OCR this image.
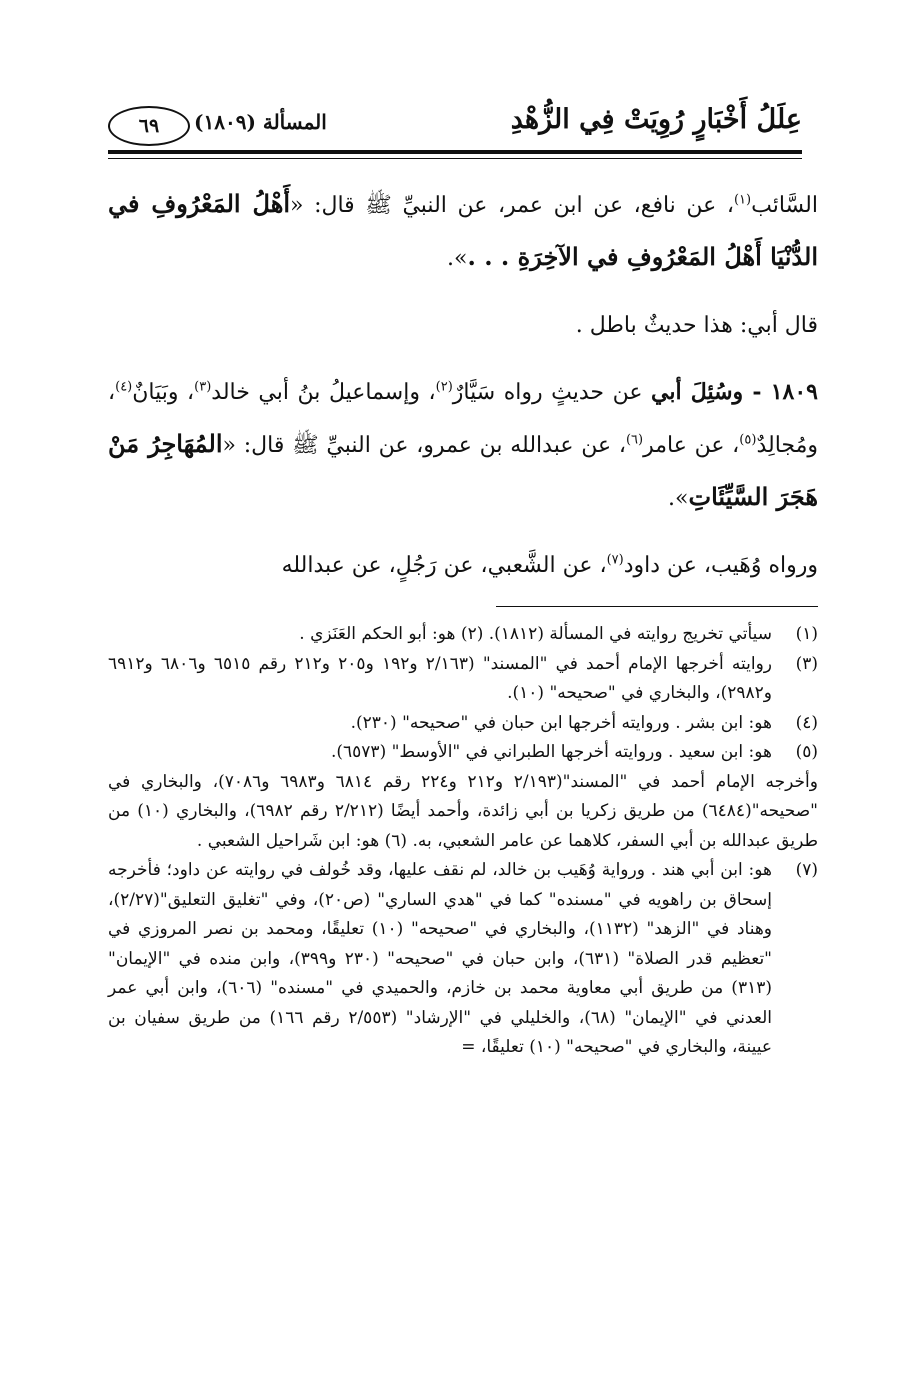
عِلَلُ أَخْبَارٍ رُوِيَتْ فِي الزُّهْدِ
المسألة (١٨٠٩)
٦٩

السَّائب$^{(١)}$، عن نافع، عن ابن عمر، عن النبيِّ ﷺ قال: «أَهْلُ المَعْرُوفِ في الدُّنْيَا أَهْلُ المَعْرُوفِ في الآخِرَةِ . . .».

قال أبي: هذا حديثٌ باطل .

١٨٠٩ - وسُئِلَ أبي عن حديثٍ رواه سَيَّارٌ$^{(٢)}$، وإسماعيلُ بنُ أبي خالد$^{(٣)}$، وبَيَانٌ$^{(٤)}$، ومُجالِدٌ$^{(٥)}$، عن عامر$^{(٦)}$، عن عبدالله بن عمرو، عن النبيِّ ﷺ قال: «المُهَاجِرُ مَنْ هَجَرَ السَّيِّئَاتِ».

ورواه وُهَيب، عن داود$^{(٧)}$، عن الشَّعبي، عن رَجُلٍ، عن عبدالله

(١)
سيأتي تخريج روايته في المسألة (١٨١٢). (٢) هو: أبو الحكم العَنَزي .

(٣)
روايته أخرجها الإمام أحمد في "المسند" (٢/١٦٣ و١٩٢ و٢٠٥ و٢١٢ رقم ٦٥١٥ و٦٨٠٦ و٦٩١٢ و٢٩٨٢)، والبخاري في "صحيحه" (١٠).

(٤)
هو: ابن بشر . وروايته أخرجها ابن حبان في "صحيحه" (٢٣٠).

(٥)
هو: ابن سعيد . وروايته أخرجها الطبراني في "الأوسط" (٦٥٧٣).

وأخرجه الإمام أحمد في "المسند"(٢/١٩٣ و٢١٢ و٢٢٤ رقم ٦٨١٤ و٦٩٨٣ و٧٠٨٦)، والبخاري في "صحيحه"(٦٤٨٤) من طريق زكريا بن أبي زائدة، وأحمد أيضًا (٢/٢١٢ رقم ٦٩٨٢)، والبخاري (١٠) من طريق عبدالله بن أبي السفر، كلاهما عن عامر الشعبي، به. (٦) هو: ابن شَراحيل الشعبي .

(٧)
هو: ابن أبي هند . ورواية وُهَيب بن خالد، لم نقف عليها، وقد خُولف في روايته عن داود؛ فأخرجه إسحاق بن راهويه في "مسنده" كما في "هدي الساري" (ص٢٠)، وفي "تغليق التعليق"(٢/٢٧)، وهناد في "الزهد" (١١٣٢)، والبخاري في "صحيحه" (١٠) تعليقًا، ومحمد بن نصر المروزي في "تعظيم قدر الصلاة" (٦٣١)، وابن حبان في "صحيحه" (٢٣٠ و٣٩٩)، وابن منده في "الإيمان" (٣١٣) من طريق أبي معاوية محمد بن خازم، والحميدي في "مسنده" (٦٠٦)، وابن أبي عمر العدني في "الإيمان" (٦٨)، والخليلي في "الإرشاد" (٢/٥٥٣ رقم ١٦٦) من طريق سفيان بن عيينة، والبخاري في "صحيحه" (١٠) تعليقًا، =
